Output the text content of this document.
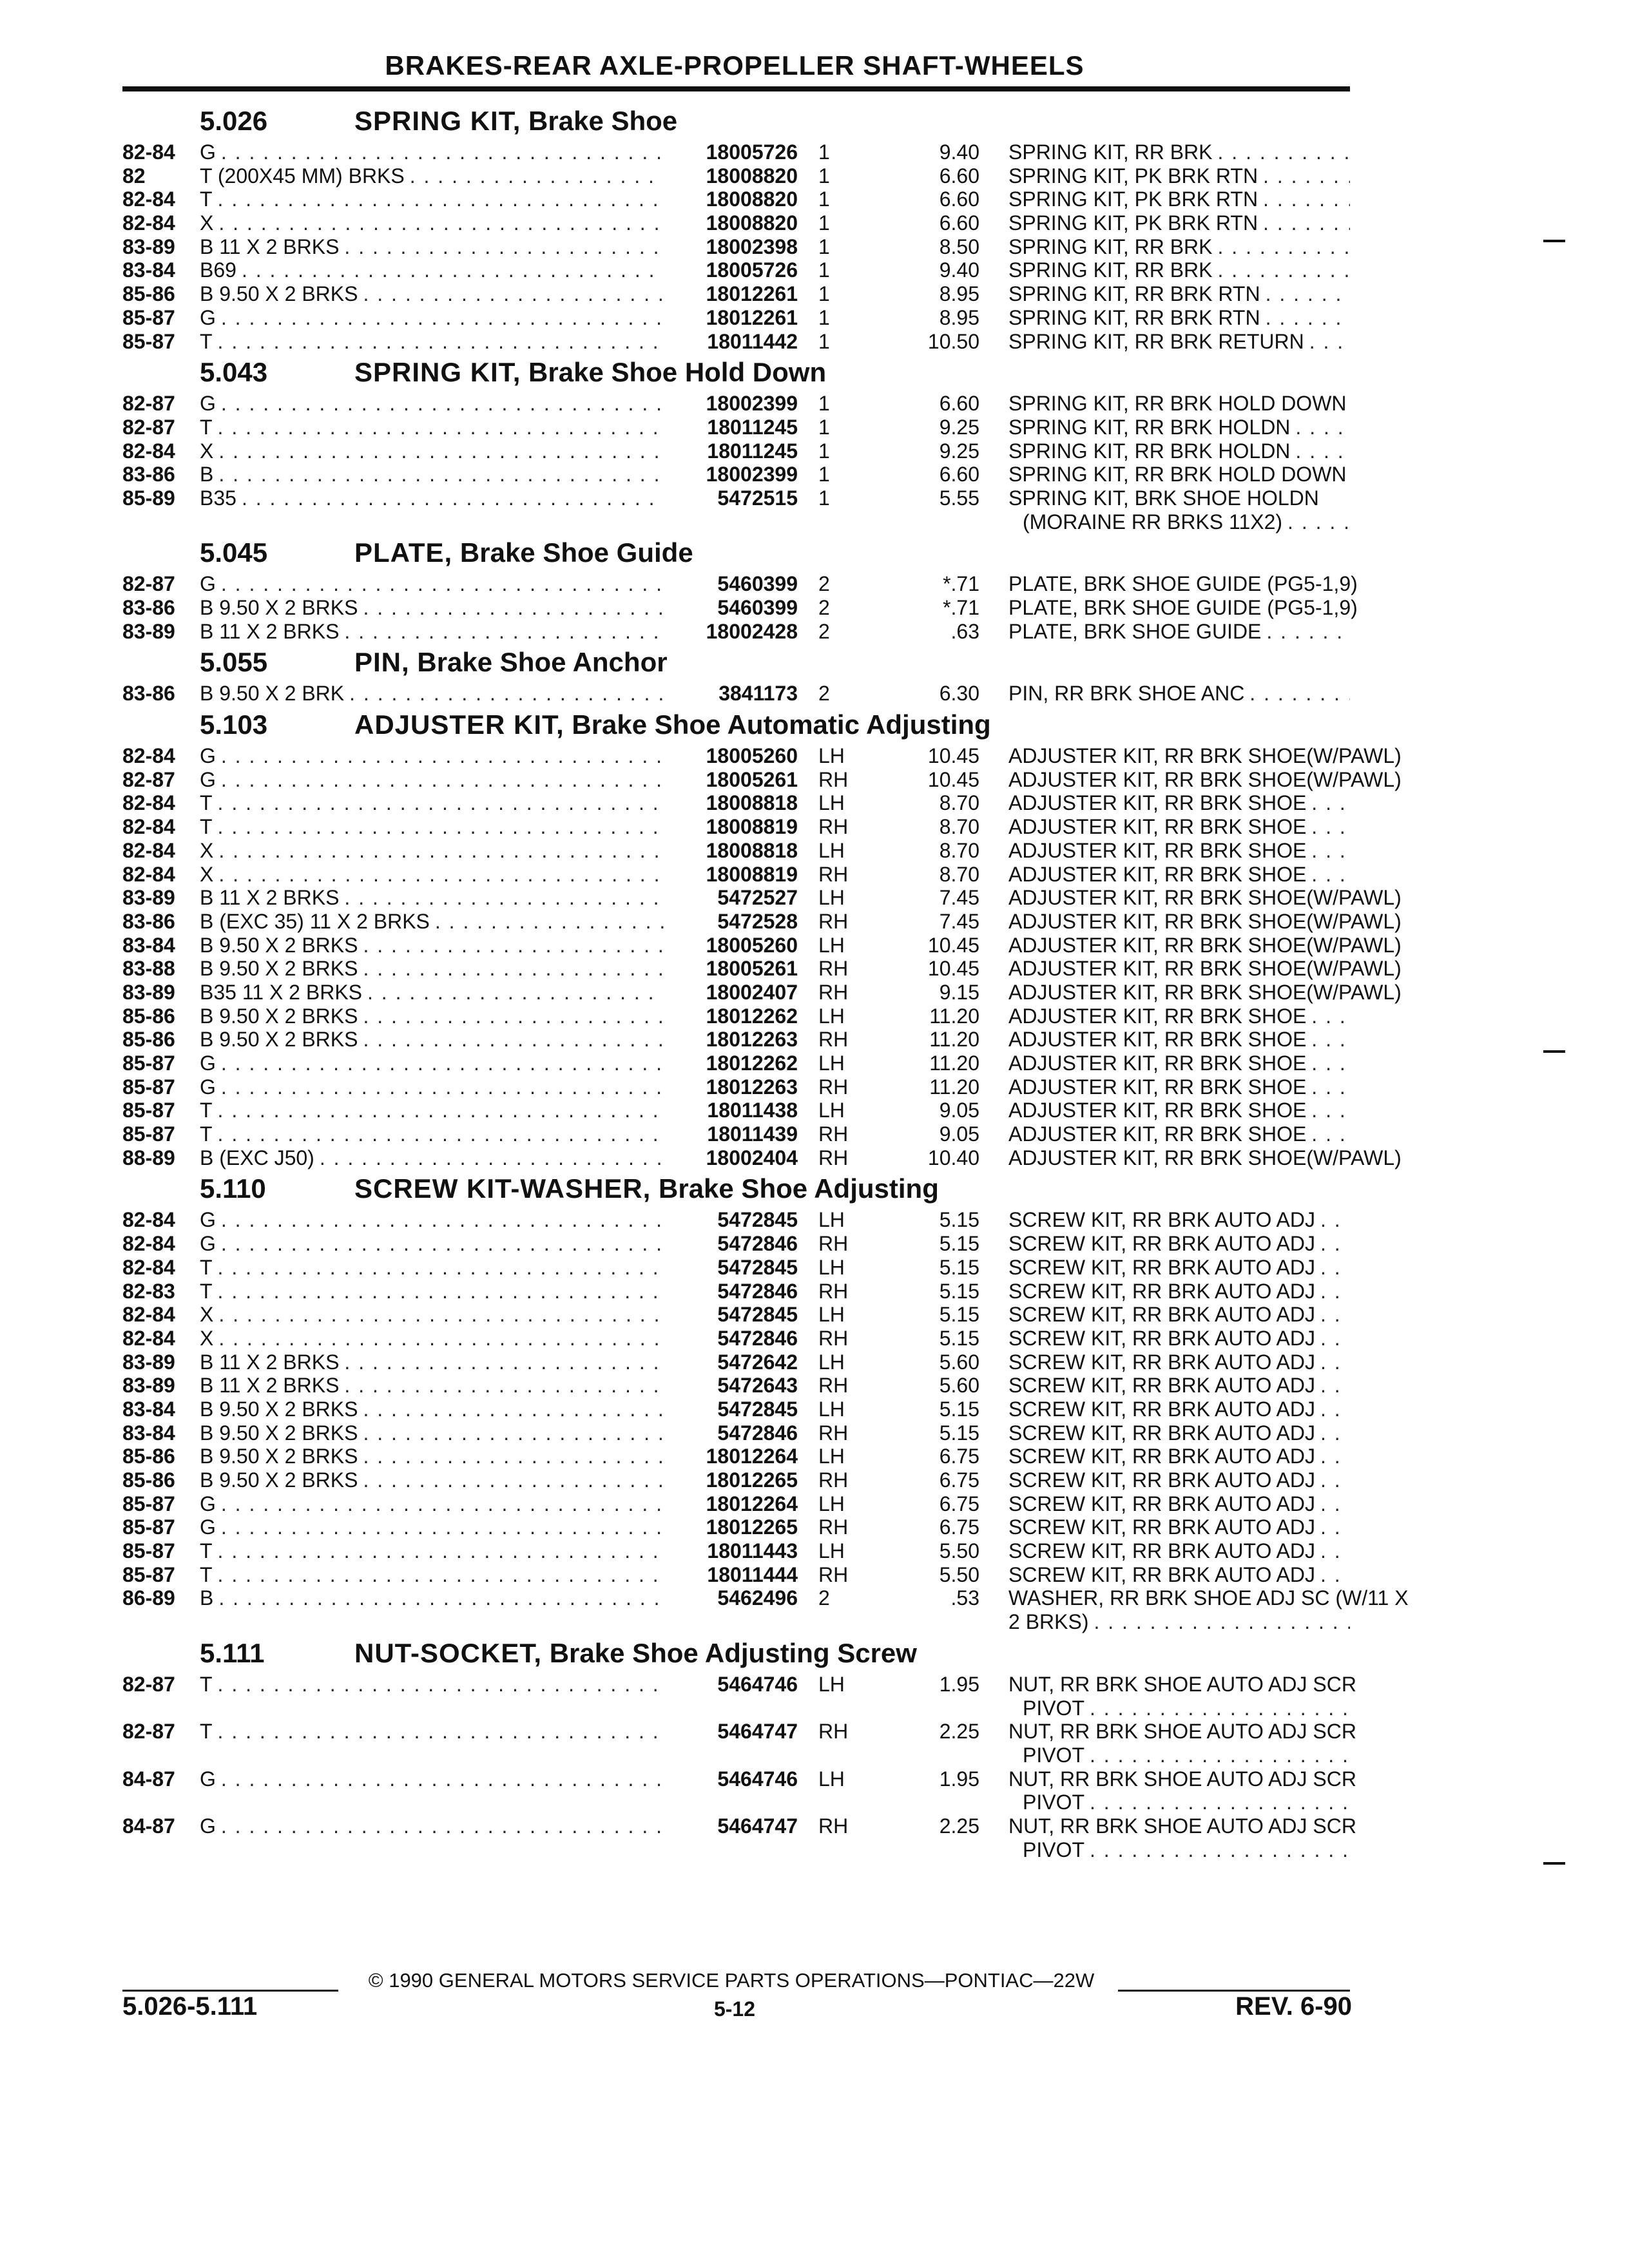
BRAKES-REAR AXLE-PROPELLER SHAFT-WHEELS
5.026	SPRING KIT, Brake Shoe
82-84	G . . .	18005726 1	9.40 SPRING KIT, RR BRK
. . .
82	T (200X45 MM) BRKS . . .	18008820 1	6.60 SPRING KIT, PK BRK RTN
. . .
82-84	T . . .	18008820 1	6.60 SPRING KIT, PK BRK RTN
. . .
82-84	X . . .	18008820 1	6.60 SPRING KIT, PK BRK RTN
. . .
83-89	B 11 X 2 BRKS . . .	18002398 1	8.50 SPRING KIT, RR BRK
. . .
83-84	B69 . . .	18005726 1	9.40 SPRING KIT, RR BRK
. . .
85-86	B 9.50 X 2 BRKS . . .	18012261 1	8.95 SPRING KIT, RR BRK RTN
. . .
85-87	G . . .	18012261 1	8.95 SPRING KIT, RR BRK RTN
. . .
85-87	T . . .	18011442 1	10.50 SPRING KIT, RR BRK RETURN
. . .
5.043	SPRING KIT, Brake Shoe Hold Down
82-87	G . . .	18002399 1	6.60 SPRING KIT, RR BRK HOLD DOWN
. . .
82-87	T . . .	18011245 1	9.25 SPRING KIT, RR BRK HOLDN
. . .
82-84	X . . .	18011245 1	9.25 SPRING KIT, RR BRK HOLDN
. . .
83-86	B . . .	18002399 1	6.60 SPRING KIT, RR BRK HOLD DOWN
. . .
85-89	B35 . . .	5472515 1	5.55 SPRING KIT, BRK SHOE HOLDN
(MORAINE RR BRKS 11X2)
. . .
5.045	PLATE, Brake Shoe Guide
82-87	G . . .	5460399 2	*.71 PLATE, BRK SHOE GUIDE (PG5-1,9)
. . .
83-86	B 9.50 X 2 BRKS . . .	5460399 2	*.71 PLATE, BRK SHOE GUIDE (PG5-1,9)
. . .
83-89	B 11 X 2 BRKS . . .	18002428 2	.63 PLATE, BRK SHOE GUIDE
. . .
5.055	PIN, Brake Shoe Anchor
83-86	B 9.50 X 2 BRK . . .	3841173 2	6.30 PIN, RR BRK SHOE ANC
. . .
5.103	ADJUSTER KIT, Brake Shoe Automatic Adjusting
82-84	G . . .	18005260 LH	10.45 ADJUSTER KIT, RR BRK SHOE(W/PAWL)
82-87	G . . .	18005261 RH	10.45 ADJUSTER KIT, RR BRK SHOE(W/PAWL)
82-84	T . . .	18008818 LH	8.70 ADJUSTER KIT, RR BRK SHOE
. . .
82-84	T . . .	18008819 RH	8.70 ADJUSTER KIT, RR BRK SHOE
. . .
82-84	X . . .	18008818 LH	8.70 ADJUSTER KIT, RR BRK SHOE
. . .
82-84	X . . .	18008819 RH	8.70 ADJUSTER KIT, RR BRK SHOE
. . .
83-89	B 11 X 2 BRKS . . .	5472527 LH	7.45 ADJUSTER KIT, RR BRK SHOE(W/PAWL)
83-86	B (EXC 35) 11 X 2 BRKS . . .	5472528 RH	7.45 ADJUSTER KIT, RR BRK SHOE(W/PAWL)
83-84	B 9.50 X 2 BRKS . . .	18005260 LH	10.45 ADJUSTER KIT, RR BRK SHOE(W/PAWL)
83-88	B 9.50 X 2 BRKS . . .	18005261 RH	10.45 ADJUSTER KIT, RR BRK SHOE(W/PAWL)
83-89	B35 11 X 2 BRKS . . .	18002407 RH	9.15 ADJUSTER KIT, RR BRK SHOE(W/PAWL)
85-86	B 9.50 X 2 BRKS . . .	18012262 LH	11.20 ADJUSTER KIT, RR BRK SHOE
. . .
85-86	B 9.50 X 2 BRKS . . .	18012263 RH	11.20 ADJUSTER KIT, RR BRK SHOE
. . .
85-87	G . . .	18012262 LH	11.20 ADJUSTER KIT, RR BRK SHOE
. . .
85-87	G . . .	18012263 RH	11.20 ADJUSTER KIT, RR BRK SHOE
. . .
85-87	T . . .	18011438 LH	9.05 ADJUSTER KIT, RR BRK SHOE
. . .
85-87	T . . .	18011439 RH	9.05 ADJUSTER KIT, RR BRK SHOE
. . .
88-89	B (EXC J50) . . .	18002404 RH	10.40 ADJUSTER KIT, RR BRK SHOE(W/PAWL)
5.110	SCREW KIT-WASHER, Brake Shoe Adjusting
82-84	G . . .	5472845 LH	5.15 SCREW KIT, RR BRK AUTO ADJ
. . .
82-84	G . . .	5472846 RH	5.15 SCREW KIT, RR BRK AUTO ADJ
. . .
82-84	T . . .	5472845 LH	5.15 SCREW KIT, RR BRK AUTO ADJ
. . .
82-83	T . . .	5472846 RH	5.15 SCREW KIT, RR BRK AUTO ADJ
. . .
82-84	X . . .	5472845 LH	5.15 SCREW KIT, RR BRK AUTO ADJ
. . .
82-84	X . . .	5472846 RH	5.15 SCREW KIT, RR BRK AUTO ADJ
. . .
83-89	B 11 X 2 BRKS . . .	5472642 LH	5.60 SCREW KIT, RR BRK AUTO ADJ
. . .
83-89	B 11 X 2 BRKS . . .	5472643 RH	5.60 SCREW KIT, RR BRK AUTO ADJ
. . .
83-84	B 9.50 X 2 BRKS . . .	5472845 LH	5.15 SCREW KIT, RR BRK AUTO ADJ
. . .
83-84	B 9.50 X 2 BRKS . . .	5472846 RH	5.15 SCREW KIT, RR BRK AUTO ADJ
. . .
85-86	B 9.50 X 2 BRKS . . .	18012264 LH	6.75 SCREW KIT, RR BRK AUTO ADJ
. . .
85-86	B 9.50 X 2 BRKS . . .	18012265 RH	6.75 SCREW KIT, RR BRK AUTO ADJ
. . .
85-87	G . . .	18012264 LH	6.75 SCREW KIT, RR BRK AUTO ADJ
. . .
85-87	G . . .	18012265 RH	6.75 SCREW KIT, RR BRK AUTO ADJ
. . .
85-87	T . . .	18011443 LH	5.50 SCREW KIT, RR BRK AUTO ADJ
. . .
85-87	T . . .	18011444 RH	5.50 SCREW KIT, RR BRK AUTO ADJ
. . .
86-89	B . . .	5462496 2	.53 WASHER, RR BRK SHOE ADJ SC (W/11 X
2 BRKS)
. . .
5.111	NUT-SOCKET, Brake Shoe Adjusting Screw
82-87	T . . .	5464746 LH	1.95 NUT, RR BRK SHOE AUTO ADJ SCR
PIVOT
. . .
82-87	T . . .	5464747 RH	2.25 NUT, RR BRK SHOE AUTO ADJ SCR
PIVOT
. . .
84-87	G . . .	5464746 LH	1.95 NUT, RR BRK SHOE AUTO ADJ SCR
PIVOT
. . .
84-87	G . . .	5464747 RH	2.25 NUT, RR BRK SHOE AUTO ADJ SCR
PIVOT
. . .
© 1990 GENERAL MOTORS SERVICE PARTS OPERATIONS—PONTIAC—22W
5.026-5.111	5-12	REV. 6-90
